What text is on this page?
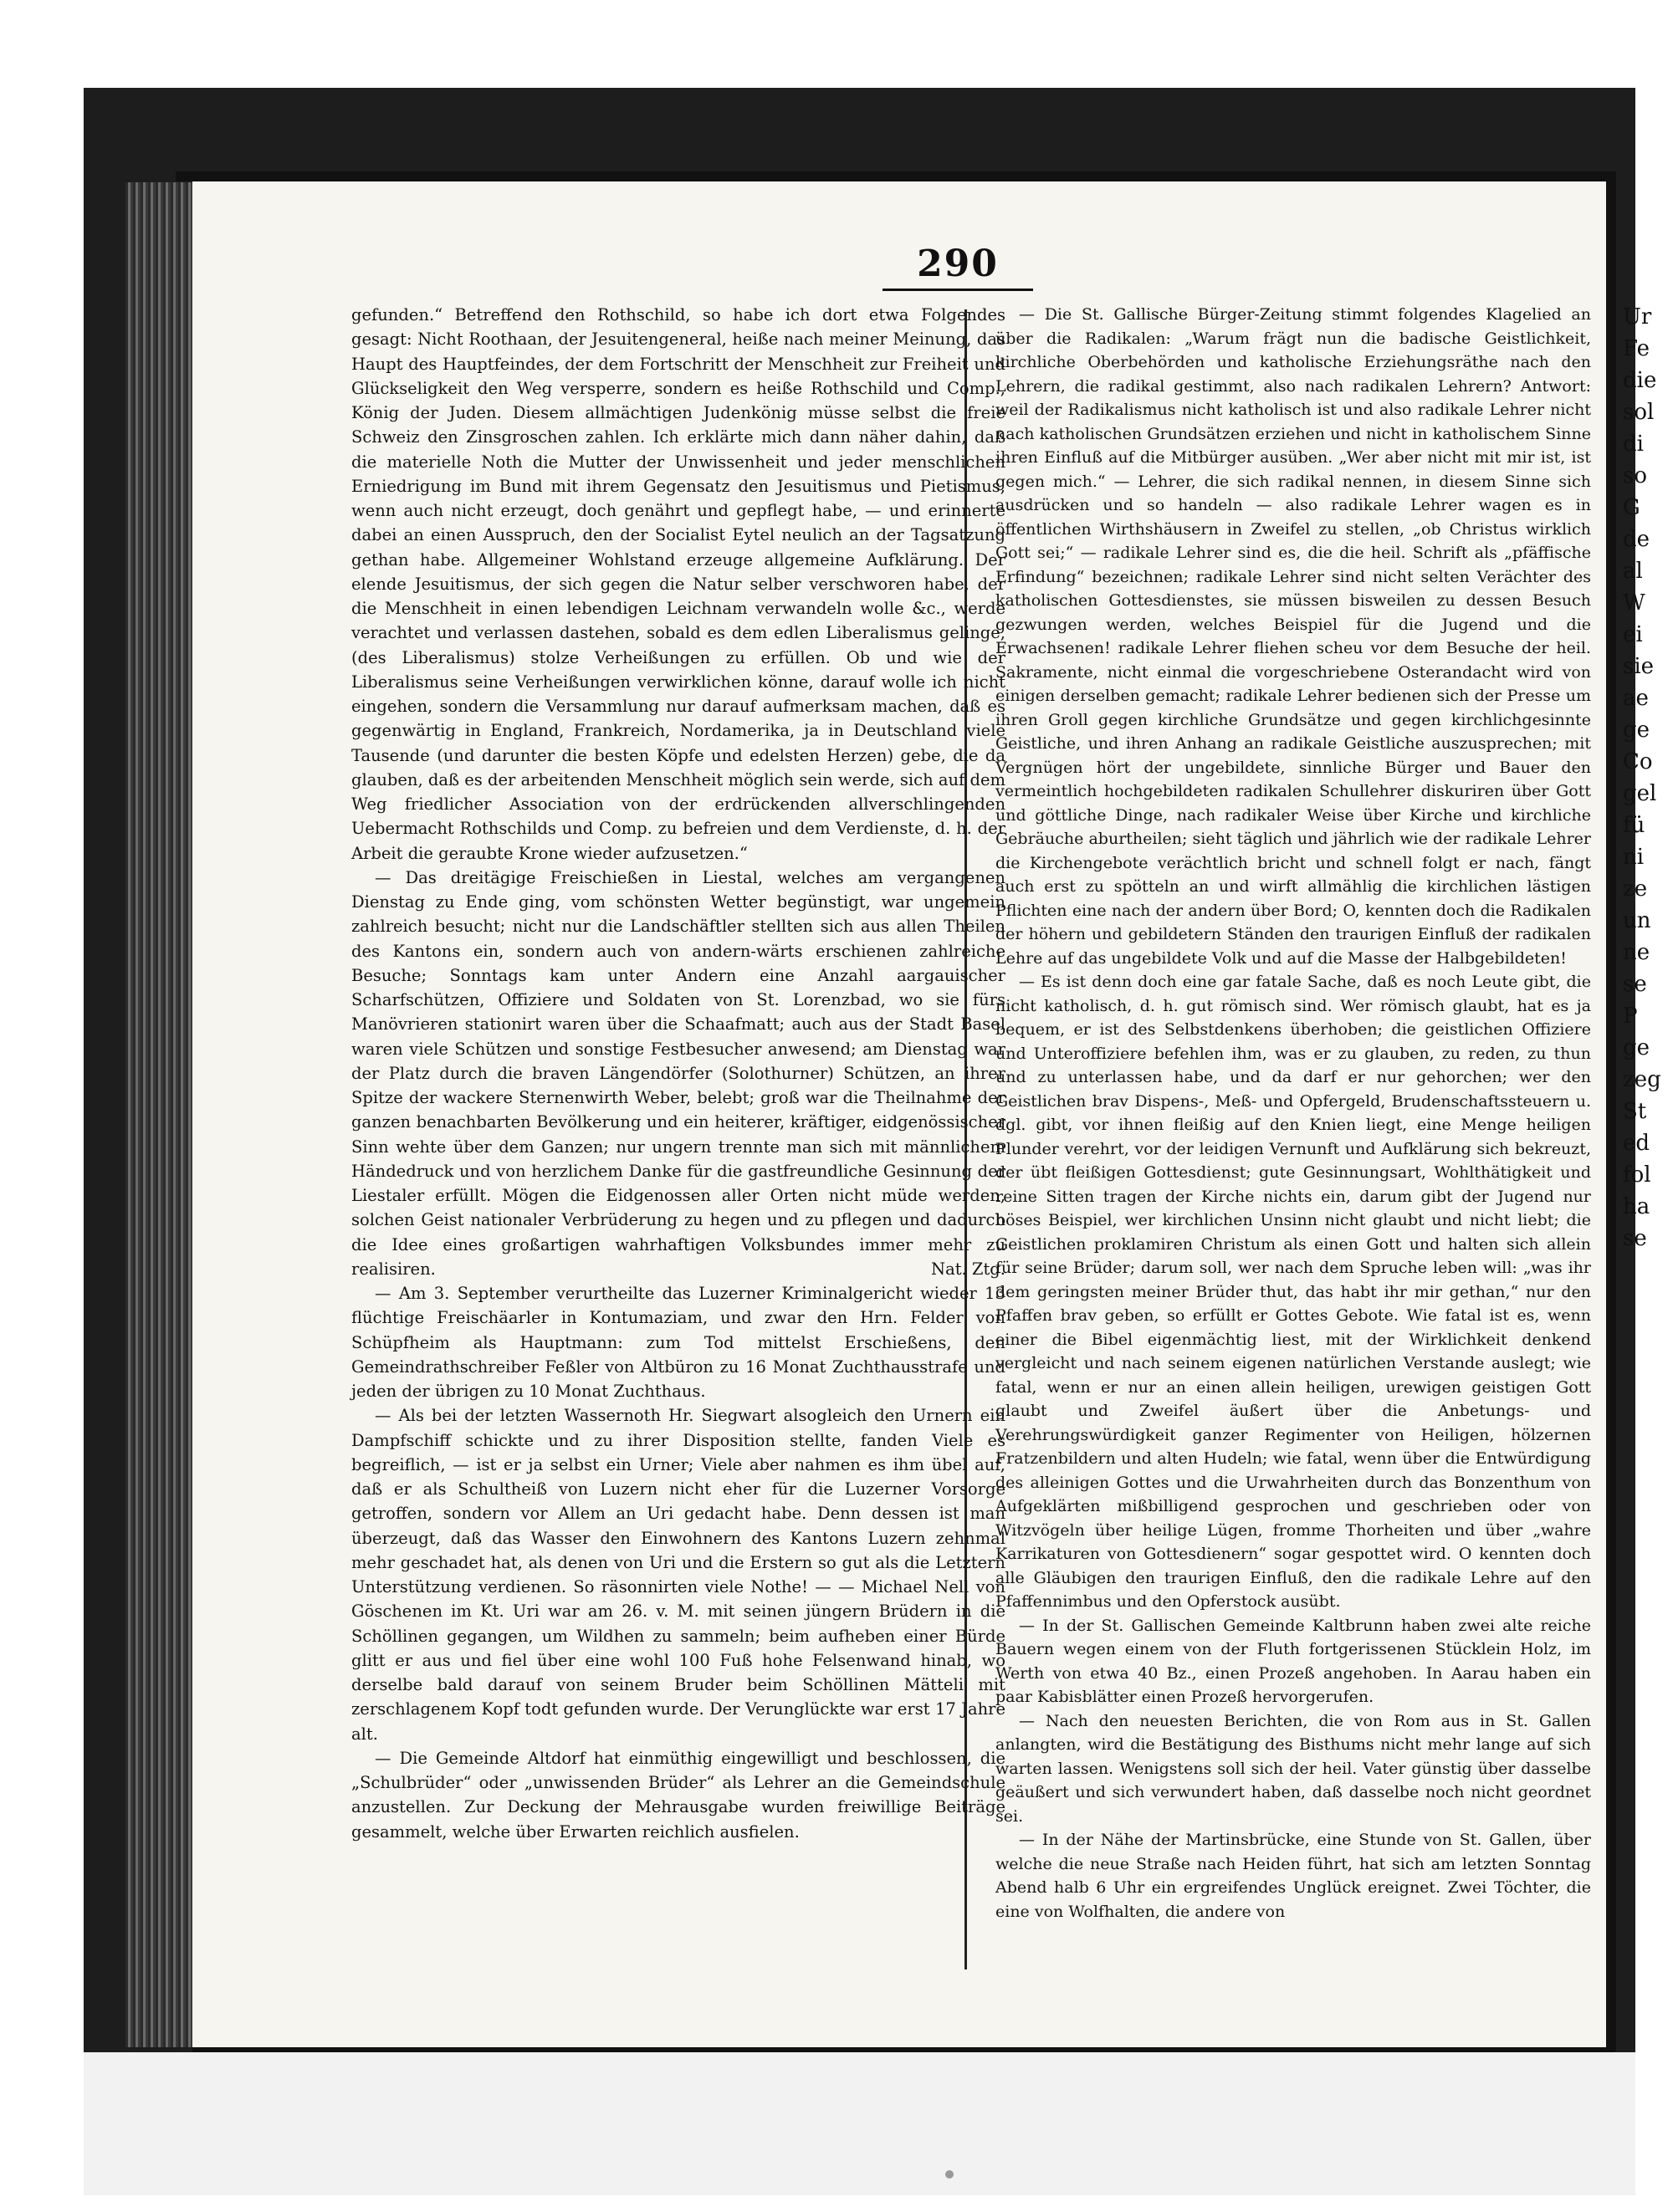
290

gefunden.“ Betreffend den Rothschild, so habe ich dort etwa Folgendes gesagt: Nicht Roothaan, der Jesuitengeneral, heiße nach meiner Meinung, das Haupt des Hauptfeindes, der dem Fortschritt der Menschheit zur Freiheit und Glückseligkeit den Weg versperre, sondern es heiße Rothschild und Comp., König der Juden. Diesem allmächtigen Judenkönig müsse selbst die freie Schweiz den Zinsgroschen zahlen. Ich erklärte mich dann näher dahin, daß die materielle Noth die Mutter der Unwissenheit und jeder menschlichen Erniedrigung im Bund mit ihrem Gegensatz den Jesuitismus und Pietismus, wenn auch nicht erzeugt, doch genährt und gepflegt habe, — und erinnerte dabei an einen Ausspruch, den der Socialist Eytel neulich an der Tagsatzung gethan habe. Allgemeiner Wohlstand erzeuge allgemeine Aufklärung. Der elende Jesuitismus, der sich gegen die Natur selber verschworen habe, der die Menschheit in einen lebendigen Leichnam verwandeln wolle &c., werde verachtet und verlassen dastehen, sobald es dem edlen Liberalismus gelinge, (des Liberalismus) stolze Verheißungen zu erfüllen. Ob und wie der Liberalismus seine Verheißungen verwirklichen könne, darauf wolle ich nicht eingehen, sondern die Versammlung nur darauf aufmerksam machen, daß es gegenwärtig in England, Frankreich, Nordamerika, ja in Deutschland viele Tausende (und darunter die besten Köpfe und edelsten Herzen) gebe, die da glauben, daß es der arbeitenden Menschheit möglich sein werde, sich auf dem Weg friedlicher Association von der erdrückenden allverschlingenden Uebermacht Rothschilds und Comp. zu befreien und dem Verdienste, d. h. der Arbeit die geraubte Krone wieder aufzusetzen.“

— Das dreitägige Freischießen in Liestal, welches am vergangenen Dienstag zu Ende ging, vom schönsten Wetter begünstigt, war ungemein zahlreich besucht; nicht nur die Landschäftler stellten sich aus allen Theilen des Kantons ein, sondern auch von andern-wärts erschienen zahlreiche Besuche; Sonntags kam unter Andern eine Anzahl aargauischer Scharfschützen, Offiziere und Soldaten von St. Lorenzbad, wo sie fürs Manövrieren stationirt waren über die Schaafmatt; auch aus der Stadt Basel waren viele Schützen und sonstige Festbesucher anwesend; am Dienstag war der Platz durch die braven Längendörfer (Solothurner) Schützen, an ihrer Spitze der wackere Sternenwirth Weber, belebt; groß war die Theilnahme der ganzen benachbarten Bevölkerung und ein heiterer, kräftiger, eidgenössischer Sinn wehte über dem Ganzen; nur ungern trennte man sich mit männlichem Händedruck und von herzlichem Danke für die gastfreundliche Gesinnung der Liestaler erfüllt. Mögen die Eidgenossen aller Orten nicht müde werden, solchen Geist nationaler Verbrüderung zu hegen und zu pflegen und dadurch die Idee eines großartigen wahrhaftigen Volksbundes immer mehr zu realisiren.	Nat. Ztg.

— Am 3. September verurtheilte das Luzerner Kriminalgericht wieder 13 flüchtige Freischäarler in Kontumaziam, und zwar den Hrn. Felder von Schüpfheim als Hauptmann: zum Tod mittelst Erschießens, den Gemeindrathschreiber Feßler von Altbüron zu 16 Monat Zuchthausstrafe und jeden der übrigen zu 10 Monat Zuchthaus.

— Als bei der letzten Wassernoth Hr. Siegwart alsogleich den Urnern ein Dampfschiff schickte und zu ihrer Disposition stellte, fanden Viele es begreiflich, — ist er ja selbst ein Urner; Viele aber nahmen es ihm übel auf, daß er als Schultheiß von Luzern nicht eher für die Luzerner Vorsorge getroffen, sondern vor Allem an Uri gedacht habe. Denn dessen ist man überzeugt, daß das Wasser den Einwohnern des Kantons Luzern zehnmal mehr geschadet hat, als denen von Uri und die Erstern so gut als die Letztern Unterstützung verdienen. So räsonnirten viele Nothe! — — Michael Nell von Göschenen im Kt. Uri war am 26. v. M. mit seinen jüngern Brüdern in die Schöllinen gegangen, um Wildhen zu sammeln; beim aufheben einer Bürde glitt er aus und fiel über eine wohl 100 Fuß hohe Felsenwand hinab, wo derselbe bald darauf von seinem Bruder beim Schöllinen Mätteli mit zerschlagenem Kopf todt gefunden wurde. Der Verunglückte war erst 17 Jahre alt.

— Die Gemeinde Altdorf hat einmüthig eingewilligt und beschlossen, die „Schulbrüder“ oder „unwissenden Brüder“ als Lehrer an die Gemeindschule anzustellen. Zur Deckung der Mehrausgabe wurden freiwillige Beiträge gesammelt, welche über Erwarten reichlich ausfielen.

— Die St. Gallische Bürger-Zeitung stimmt folgendes Klagelied an über die Radikalen: „Warum frägt nun die badische Geistlichkeit, kirchliche Oberbehörden und katholische Erziehungsräthe nach den Lehrern, die radikal gestimmt, also nach radikalen Lehrern? Antwort: weil der Radikalismus nicht katholisch ist und also radikale Lehrer nicht nach katholischen Grundsätzen erziehen und nicht in katholischem Sinne ihren Einfluß auf die Mitbürger ausüben. „Wer aber nicht mit mir ist, ist gegen mich.“ — Lehrer, die sich radikal nennen, in diesem Sinne sich ausdrücken und so handeln — also radikale Lehrer wagen es in öffentlichen Wirthshäusern in Zweifel zu stellen, „ob Christus wirklich Gott sei;“ — radikale Lehrer sind es, die die heil. Schrift als „pfäffische Erfindung“ bezeichnen; radikale Lehrer sind nicht selten Verächter des katholischen Gottesdienstes, sie müssen bisweilen zu dessen Besuch gezwungen werden, welches Beispiel für die Jugend und die Erwachsenen! radikale Lehrer fliehen scheu vor dem Besuche der heil. Sakramente, nicht einmal die vorgeschriebene Osterandacht wird von einigen derselben gemacht; radikale Lehrer bedienen sich der Presse um ihren Groll gegen kirchliche Grundsätze und gegen kirchlichgesinnte Geistliche, und ihren Anhang an radikale Geistliche auszusprechen; mit Vergnügen hört der ungebildete, sinnliche Bürger und Bauer den vermeintlich hochgebildeten radikalen Schullehrer diskuriren über Gott und göttliche Dinge, nach radikaler Weise über Kirche und kirchliche Gebräuche aburtheilen; sieht täglich und jährlich wie der radikale Lehrer die Kirchengebote verächtlich bricht und schnell folgt er nach, fängt auch erst zu spötteln an und wirft allmählig die kirchlichen lästigen Pflichten eine nach der andern über Bord; O, kennten doch die Radikalen der höhern und gebildetern Ständen den traurigen Einfluß der radikalen Lehre auf das ungebildete Volk und auf die Masse der Halbgebildeten!

— Es ist denn doch eine gar fatale Sache, daß es noch Leute gibt, die nicht katholisch, d. h. gut römisch sind. Wer römisch glaubt, hat es ja bequem, er ist des Selbstdenkens überhoben; die geistlichen Offiziere und Unteroffiziere befehlen ihm, was er zu glauben, zu reden, zu thun und zu unterlassen habe, und da darf er nur gehorchen; wer den Geistlichen brav Dispens-, Meß- und Opfergeld, Brudenschaftssteuern u. dgl. gibt, vor ihnen fleißig auf den Knien liegt, eine Menge heiligen Plunder verehrt, vor der leidigen Vernunft und Aufklärung sich bekreuzt, der übt fleißigen Gottesdienst; gute Gesinnungsart, Wohlthätigkeit und reine Sitten tragen der Kirche nichts ein, darum gibt der Jugend nur böses Beispiel, wer kirchlichen Unsinn nicht glaubt und nicht liebt; die Geistlichen proklamiren Christum als einen Gott und halten sich allein für seine Brüder; darum soll, wer nach dem Spruche leben will: „was ihr dem geringsten meiner Brüder thut, das habt ihr mir gethan,“ nur den Pfaffen brav geben, so erfüllt er Gottes Gebote. Wie fatal ist es, wenn einer die Bibel eigenmächtig liest, mit der Wirklichkeit denkend vergleicht und nach seinem eigenen natürlichen Verstande auslegt; wie fatal, wenn er nur an einen allein heiligen, urewigen geistigen Gott glaubt und Zweifel äußert über die Anbetungs- und Verehrungswürdigkeit ganzer Regimenter von Heiligen, hölzernen Fratzenbildern und alten Hudeln; wie fatal, wenn über die Entwürdigung des alleinigen Gottes und die Urwahrheiten durch das Bonzenthum von Aufgeklärten mißbilligend gesprochen und geschrieben oder von Witzvögeln über heilige Lügen, fromme Thorheiten und über „wahre Karrikaturen von Gottesdienern“ sogar gespottet wird. O kennten doch alle Gläubigen den traurigen Einfluß, den die radikale Lehre auf den Pfaffennimbus und den Opferstock ausübt.

— In der St. Gallischen Gemeinde Kaltbrunn haben zwei alte reiche Bauern wegen einem von der Fluth fortgerissenen Stücklein Holz, im Werth von etwa 40 Bz., einen Prozeß angehoben. In Aarau haben ein paar Kabisblätter einen Prozeß hervorgerufen.

— Nach den neuesten Berichten, die von Rom aus in St. Gallen anlangten, wird die Bestätigung des Bisthums nicht mehr lange auf sich warten lassen. Wenigstens soll sich der heil. Vater günstig über dasselbe geäußert und sich verwundert haben, daß dasselbe noch nicht geordnet sei.

— In der Nähe der Martinsbrücke, eine Stunde von St. Gallen, über welche die neue Straße nach Heiden führt, hat sich am letzten Sonntag Abend halb 6 Uhr ein ergreifendes Unglück ereignet. Zwei Töchter, die eine von Wolfhalten, die andere von

Ur
Fe
die
sol
di
so
G
de
al
W
ei
sie
ae
ge
Co
gel
fü
ni
ze
un
ne
se
P
ge
zeg
St
ed
fol
ha
se
